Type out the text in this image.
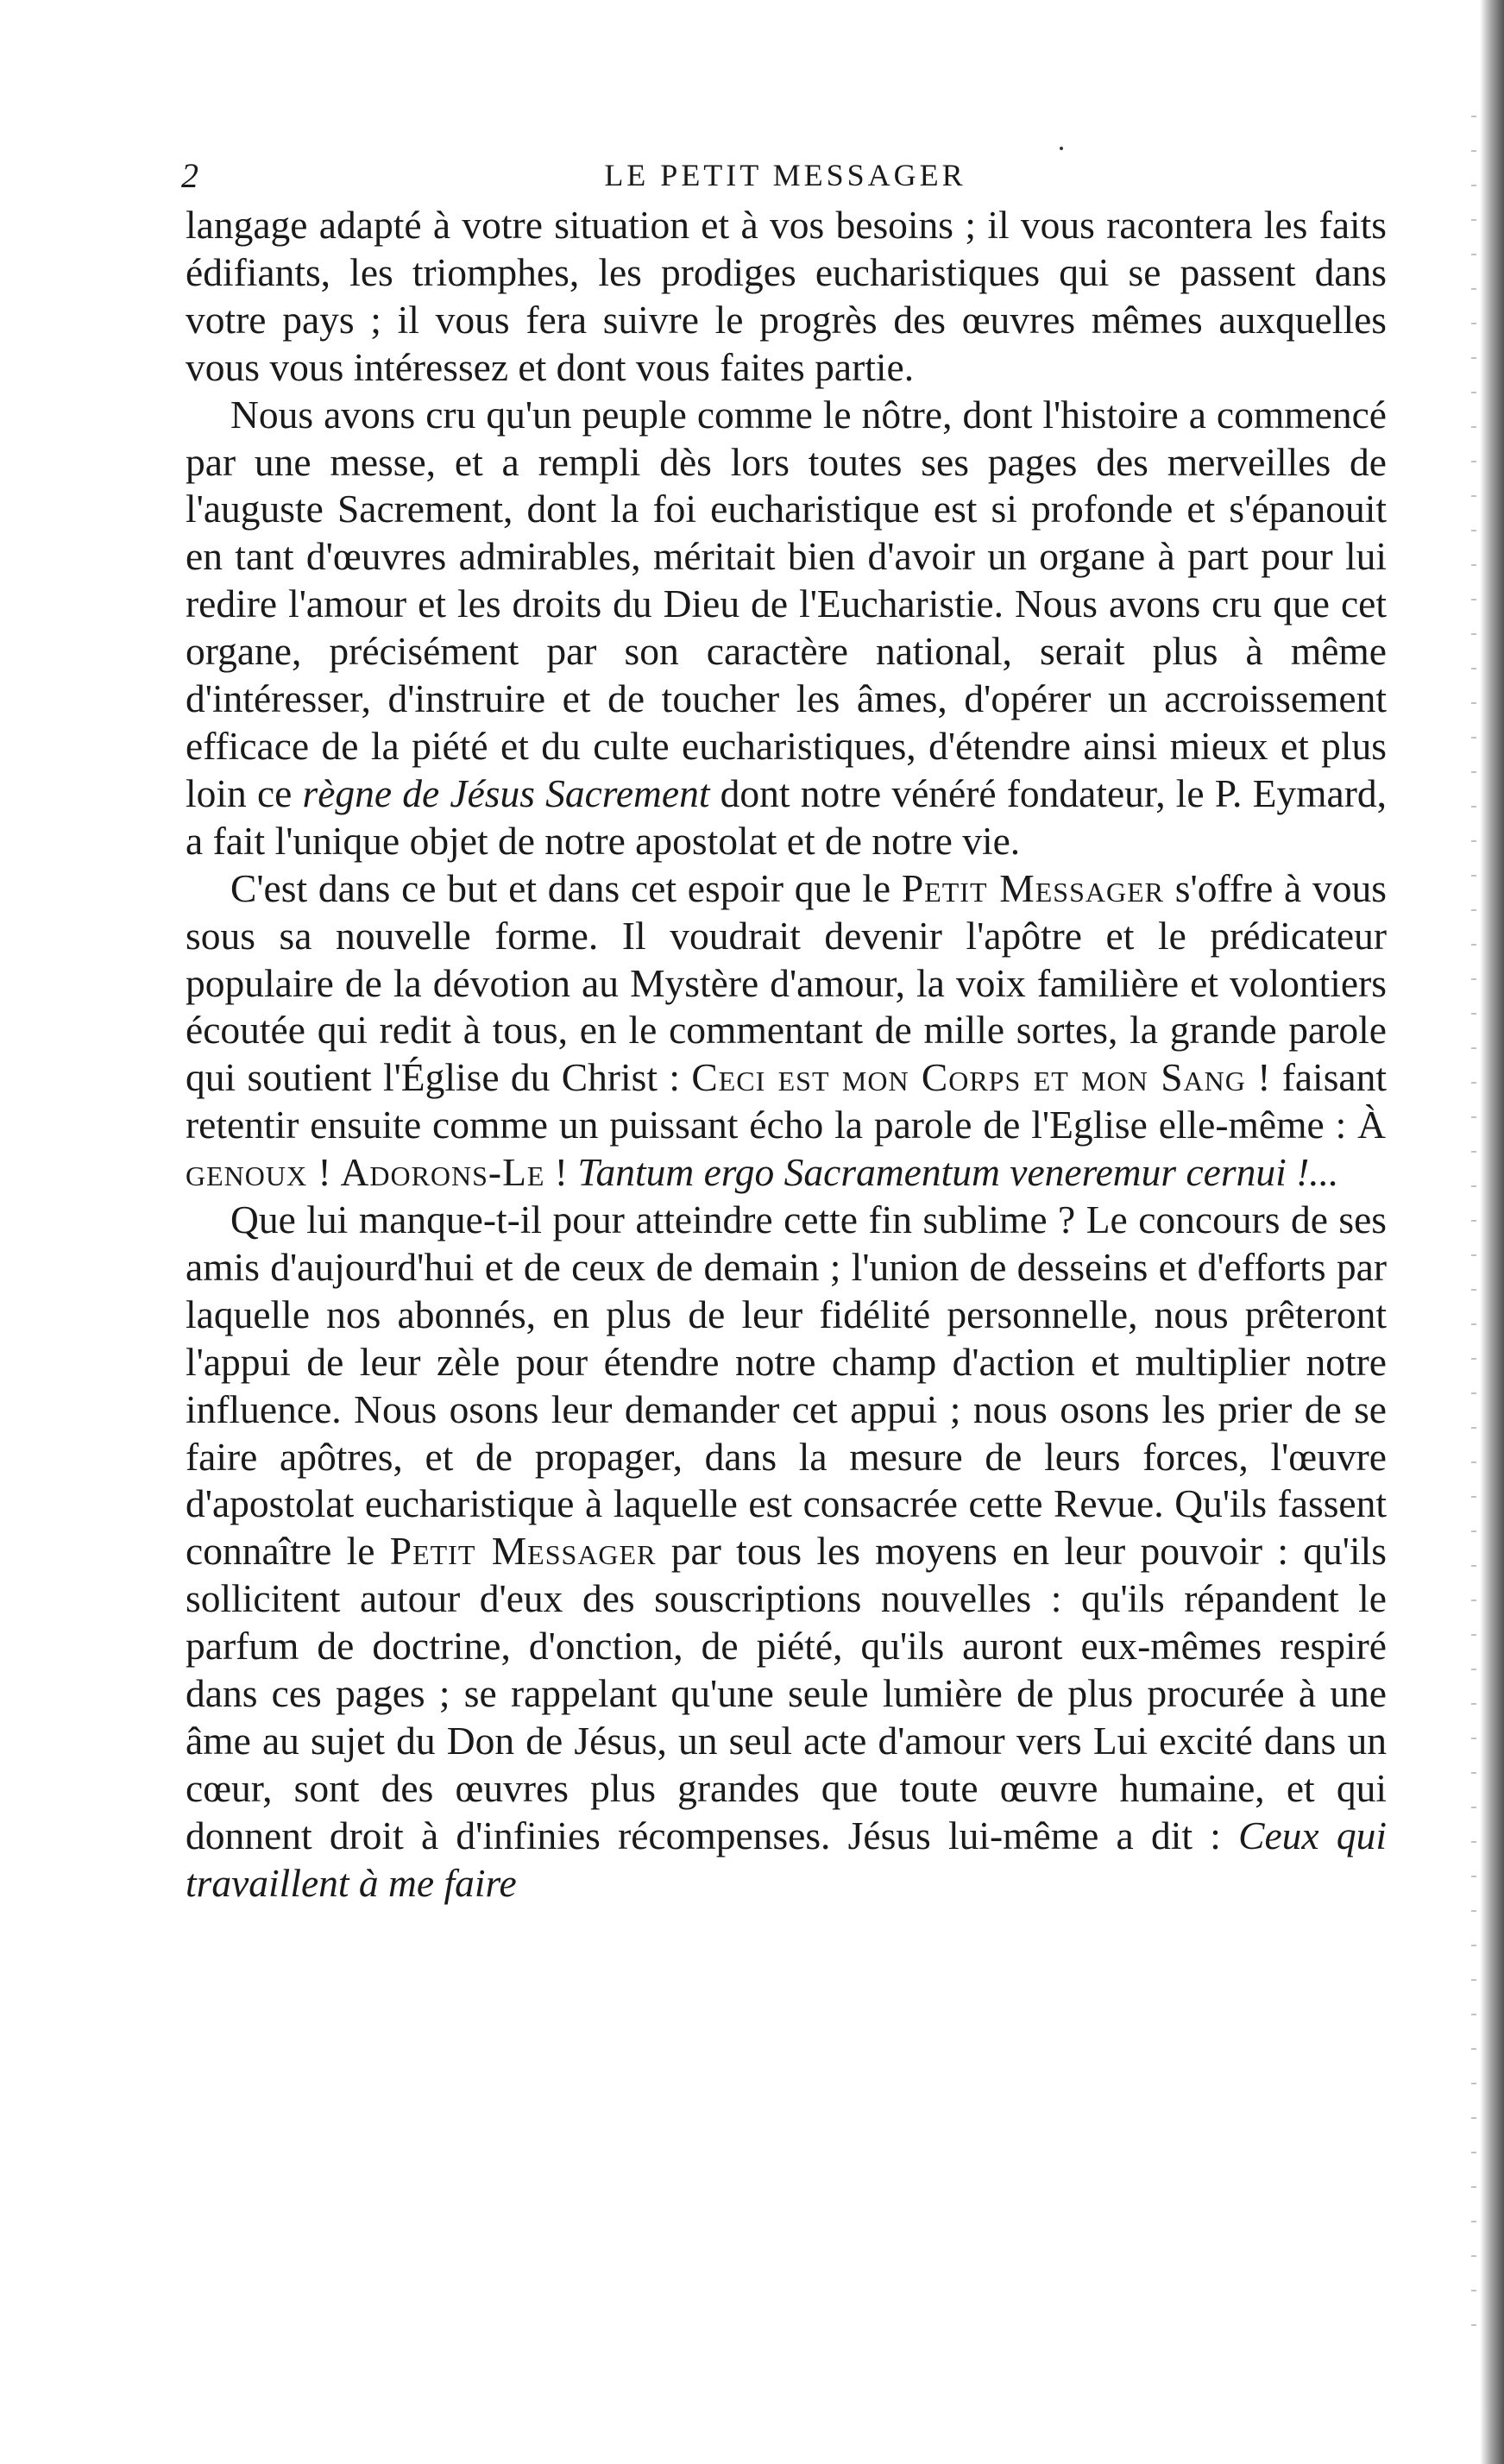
2	LE PETIT MESSAGER

langage adapté à votre situation et à vos besoins ; il vous racontera les faits édifiants, les triomphes, les prodiges eucharistiques qui se passent dans votre pays ; il vous fera suivre le progrès des œuvres mêmes auxquelles vous vous intéressez et dont vous faites partie.

Nous avons cru qu'un peuple comme le nôtre, dont l'histoire a commencé par une messe, et a rempli dès lors toutes ses pages des merveilles de l'auguste Sacrement, dont la foi eucharistique est si profonde et s'épanouit en tant d'œuvres admirables, méritait bien d'avoir un organe à part pour lui redire l'amour et les droits du Dieu de l'Eucharistie. Nous avons cru que cet organe, précisément par son caractère national, serait plus à même d'intéresser, d'instruire et de toucher les âmes, d'opérer un accroissement efficace de la piété et du culte eucharistiques, d'étendre ainsi mieux et plus loin ce règne de Jésus Sacrement dont notre vénéré fondateur, le P. Eymard, a fait l'unique objet de notre apostolat et de notre vie.

C'est dans ce but et dans cet espoir que le Petit Messager s'offre à vous sous sa nouvelle forme. Il voudrait devenir l'apôtre et le prédicateur populaire de la dévotion au Mystère d'amour, la voix familière et volontiers écoutée qui redit à tous, en le commentant de mille sortes, la grande parole qui soutient l'Église du Christ : Ceci est mon Corps et mon Sang ! faisant retentir ensuite comme un puissant écho la parole de l'Eglise elle-même : À genoux ! Adorons-Le ! Tantum ergo Sacramentum veneremur cernui !...

Que lui manque-t-il pour atteindre cette fin sublime ? Le concours de ses amis d'aujourd'hui et de ceux de demain ; l'union de desseins et d'efforts par laquelle nos abonnés, en plus de leur fidélité personnelle, nous prêteront l'appui de leur zèle pour étendre notre champ d'action et multiplier notre influence. Nous osons leur demander cet appui ; nous osons les prier de se faire apôtres, et de propager, dans la mesure de leurs forces, l'œuvre d'apostolat eucharistique à laquelle est consacrée cette Revue. Qu'ils fassent connaître le Petit Messager par tous les moyens en leur pouvoir : qu'ils sollicitent autour d'eux des souscriptions nouvelles : qu'ils répandent le parfum de doctrine, d'onction, de piété, qu'ils auront eux-mêmes respiré dans ces pages ; se rappelant qu'une seule lumière de plus procurée à une âme au sujet du Don de Jésus, un seul acte d'amour vers Lui excité dans un cœur, sont des œuvres plus grandes que toute œuvre humaine, et qui donnent droit à d'infinies récompenses. Jésus lui-même a dit : Ceux qui travaillent à me faire
